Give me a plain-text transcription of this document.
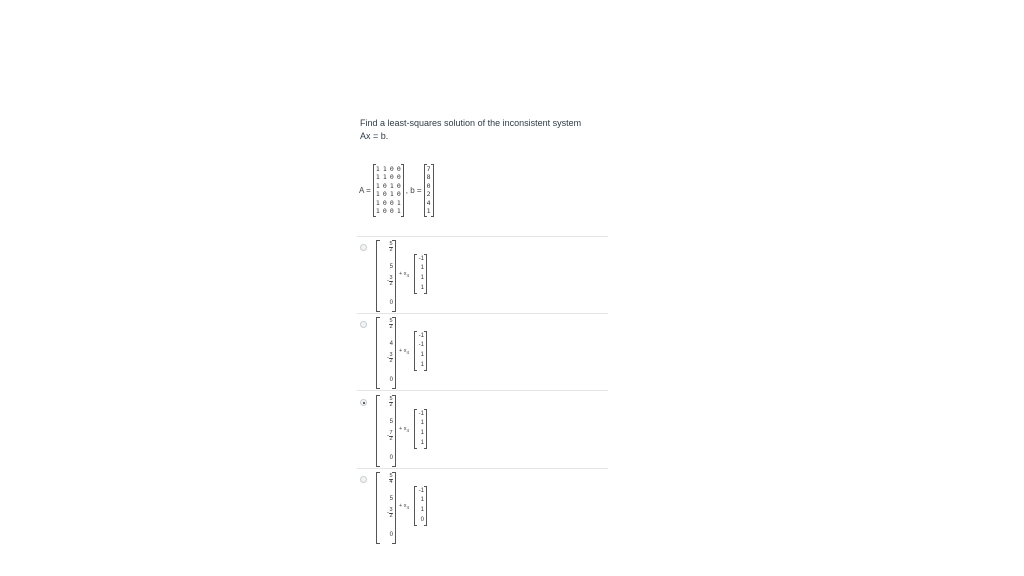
Find a least-squares solution of the inconsistent system
Ax = b.
A =
1 1 0 0
1 1 0 0
1 0 1 0
1 0 1 0
1 0 0 1
1 0 0 1
, b =
7
8
0
2
4
1
$\frac{5}{2}$
5
- $\frac{3}{2}$
0
+ $x_4$
-1
1
1
1
$\frac{5}{2}$
4
- $\frac{3}{2}$
0
+ $x_4$
-1
-1
1
1
$\frac{5}{2}$
5
- $\frac{7}{2}$
0
+ $x_4$
-1
1
1
1
$\frac{5}{4}$
5
- $\frac{3}{2}$
0
+ $x_4$
-1
1
1
0
